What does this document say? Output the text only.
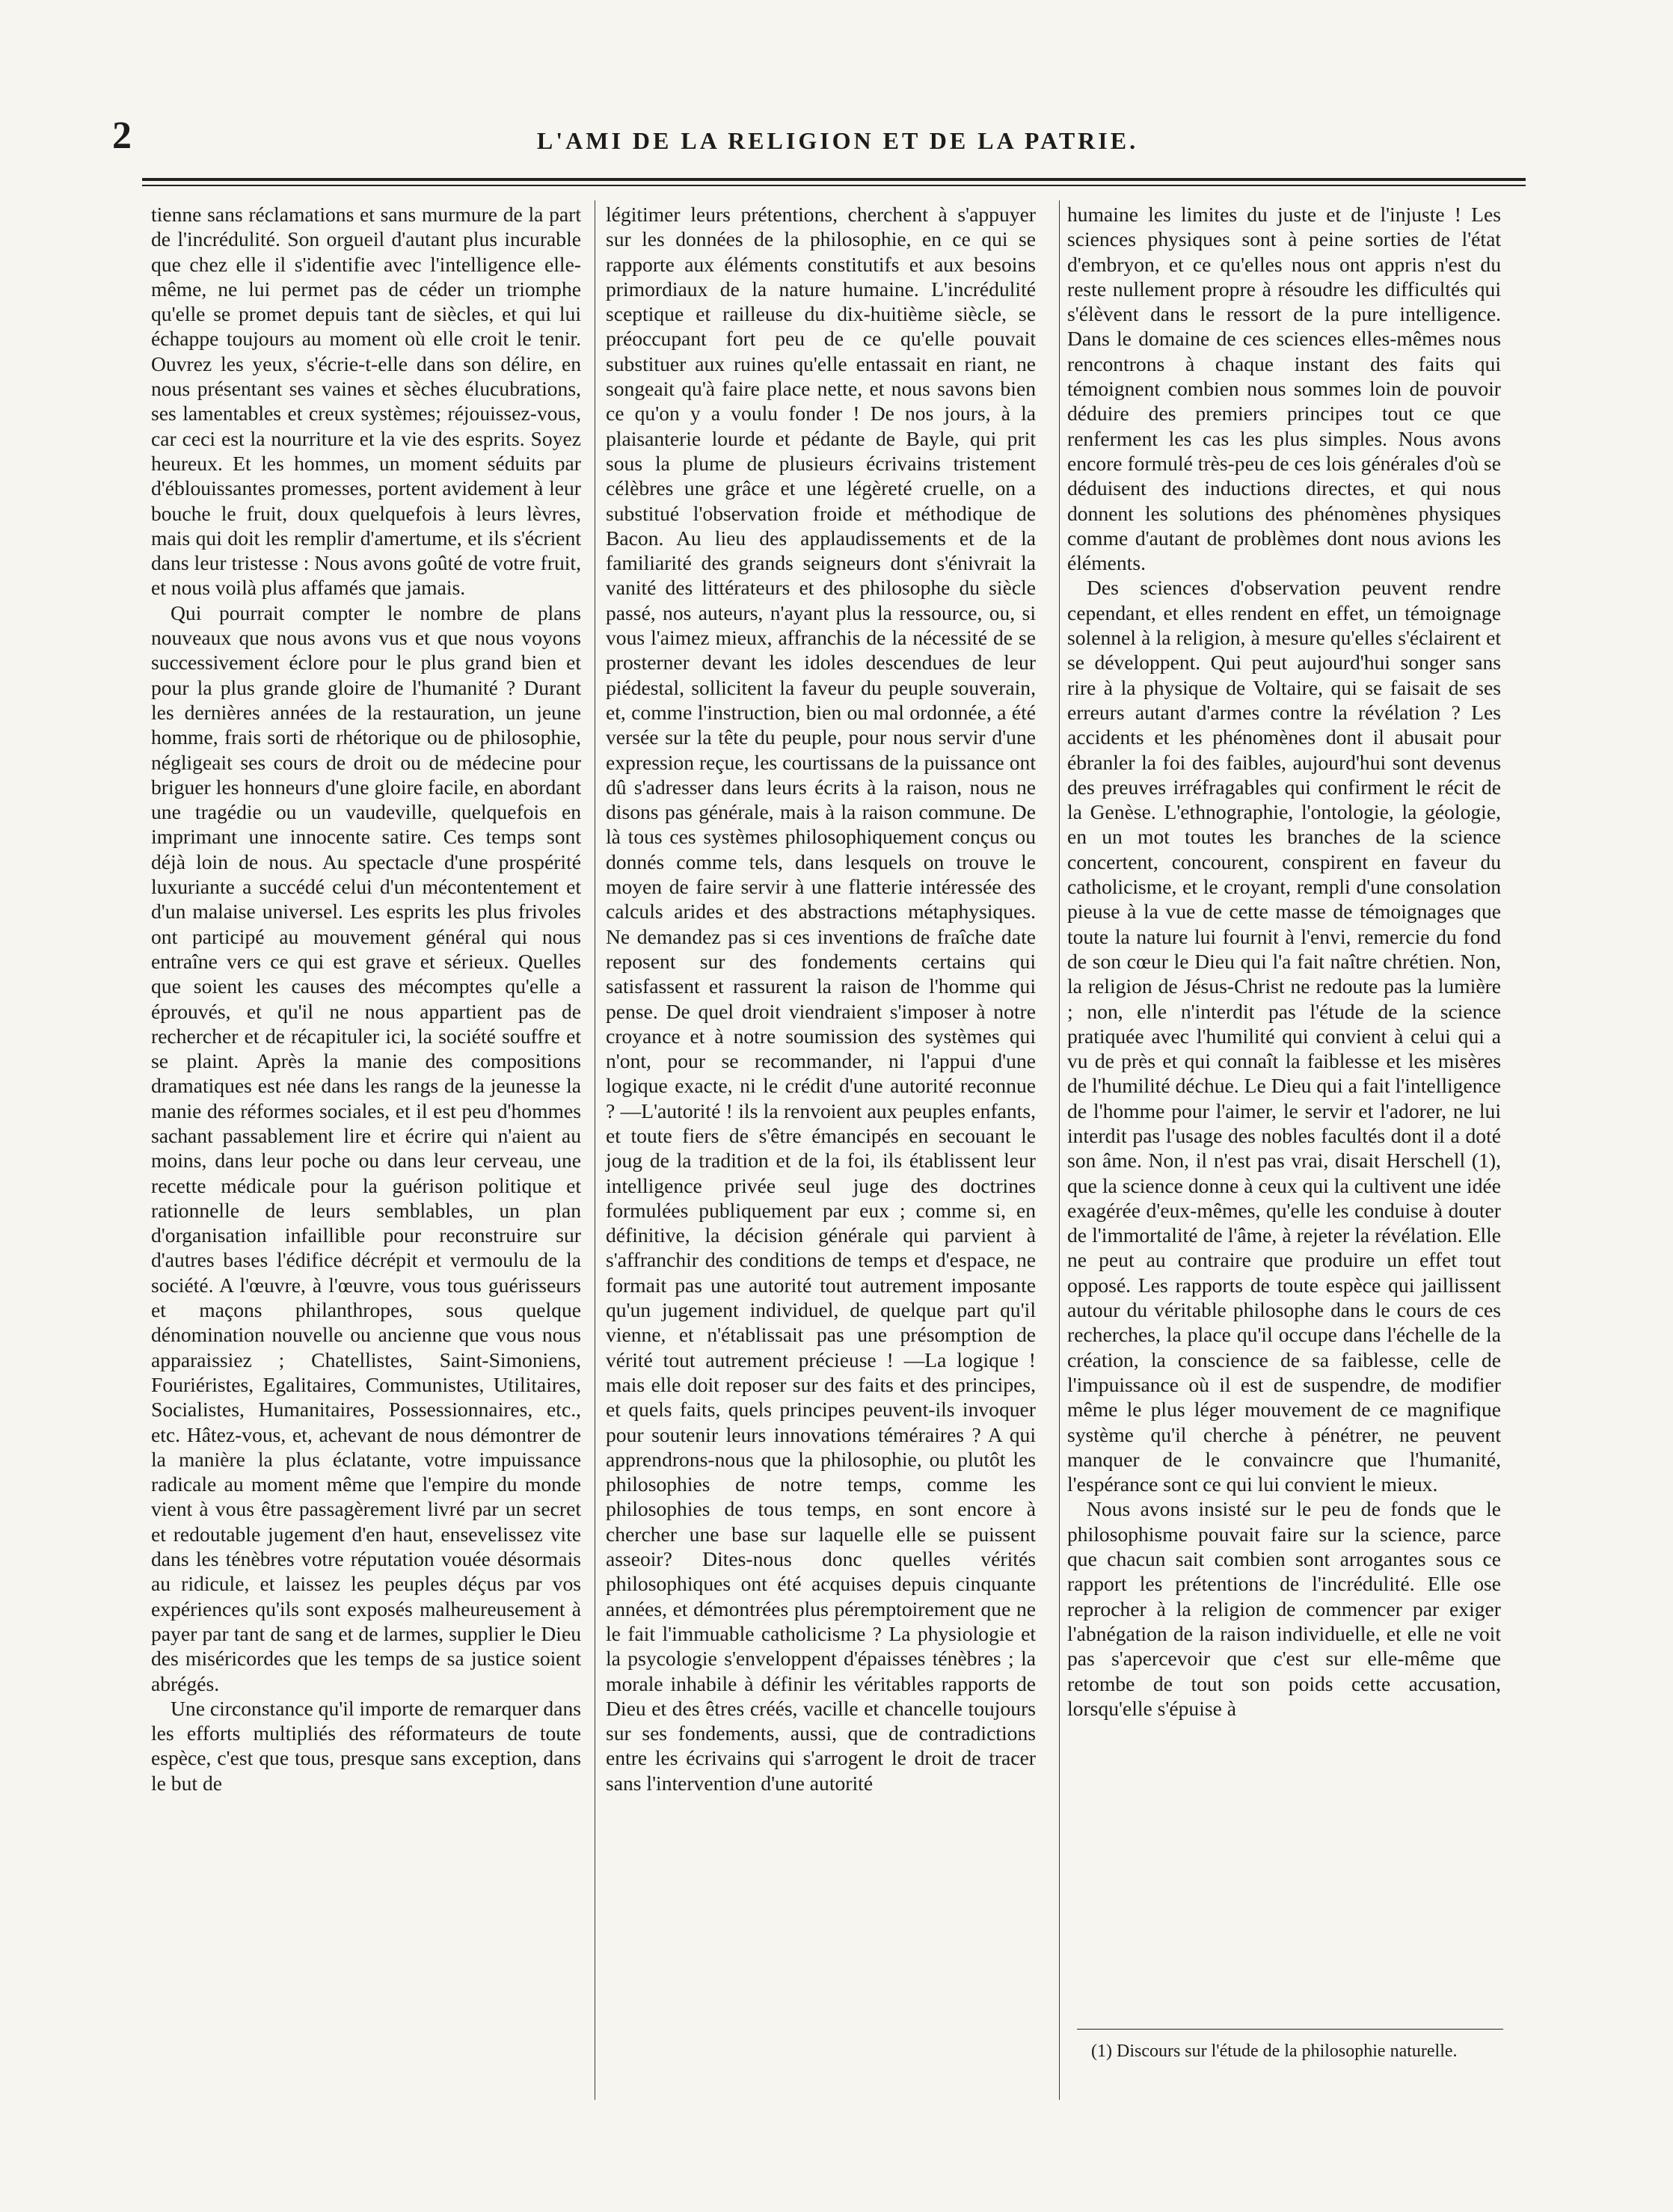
2	L'AMI DE LA RELIGION ET DE LA PATRIE.

tienne sans réclamations et sans murmure de la part de l'incrédulité. Son orgueil d'autant plus incurable que chez elle il s'identifie avec l'intelligence elle-même, ne lui permet pas de céder un triomphe qu'elle se promet depuis tant de siècles, et qui lui échappe toujours au moment où elle croit le tenir. Ouvrez les yeux, s'écrie-t-elle dans son délire, en nous présentant ses vaines et sèches élucubrations, ses lamentables et creux systèmes; réjouissez-vous, car ceci est la nourriture et la vie des esprits. Soyez heureux. Et les hommes, un moment séduits par d'éblouissantes promesses, portent avidement à leur bouche le fruit, doux quelquefois à leurs lèvres, mais qui doit les remplir d'amertume, et ils s'écrient dans leur tristesse : Nous avons goûté de votre fruit, et nous voilà plus affamés que jamais.

Qui pourrait compter le nombre de plans nouveaux que nous avons vus et que nous voyons successivement éclore pour le plus grand bien et pour la plus grande gloire de l'humanité ? Durant les dernières années de la restauration, un jeune homme, frais sorti de rhétorique ou de philosophie, négligeait ses cours de droit ou de médecine pour briguer les honneurs d'une gloire facile, en abordant une tragédie ou un vaudeville, quelquefois en imprimant une innocente satire. Ces temps sont déjà loin de nous. Au spectacle d'une prospérité luxuriante a succédé celui d'un mécontentement et d'un malaise universel. Les esprits les plus frivoles ont participé au mouvement général qui nous entraîne vers ce qui est grave et sérieux. Quelles que soient les causes des mécomptes qu'elle a éprouvés, et qu'il ne nous appartient pas de rechercher et de récapituler ici, la société souffre et se plaint. Après la manie des compositions dramatiques est née dans les rangs de la jeunesse la manie des réformes sociales, et il est peu d'hommes sachant passablement lire et écrire qui n'aient au moins, dans leur poche ou dans leur cerveau, une recette médicale pour la guérison politique et rationnelle de leurs semblables, un plan d'organisation infaillible pour reconstruire sur d'autres bases l'édifice décrépit et vermoulu de la société. A l'œuvre, à l'œuvre, vous tous guérisseurs et maçons philanthropes, sous quelque dénomination nouvelle ou ancienne que vous nous apparaissiez ; Chatellistes, Saint-Simoniens, Fouriéristes, Egalitaires, Communistes, Utilitaires, Socialistes, Humanitaires, Possessionnaires, etc., etc. Hâtez-vous, et, achevant de nous démontrer de la manière la plus éclatante, votre impuissance radicale au moment même que l'empire du monde vient à vous être passagèrement livré par un secret et redoutable jugement d'en haut, ensevelissez vite dans les ténèbres votre réputation vouée désormais au ridicule, et laissez les peuples déçus par vos expériences qu'ils sont exposés malheureusement à payer par tant de sang et de larmes, supplier le Dieu des miséricordes que les temps de sa justice soient abrégés.

Une circonstance qu'il importe de remarquer dans les efforts multipliés des réformateurs de toute espèce, c'est que tous, presque sans exception, dans le but de

légitimer leurs prétentions, cherchent à s'appuyer sur les données de la philosophie, en ce qui se rapporte aux éléments constitutifs et aux besoins primordiaux de la nature humaine. L'incrédulité sceptique et railleuse du dix-huitième siècle, se préoccupant fort peu de ce qu'elle pouvait substituer aux ruines qu'elle entassait en riant, ne songeait qu'à faire place nette, et nous savons bien ce qu'on y a voulu fonder ! De nos jours, à la plaisanterie lourde et pédante de Bayle, qui prit sous la plume de plusieurs écrivains tristement célèbres une grâce et une légèreté cruelle, on a substitué l'observation froide et méthodique de Bacon. Au lieu des applaudissements et de la familiarité des grands seigneurs dont s'énivrait la vanité des littérateurs et des philosophe du siècle passé, nos auteurs, n'ayant plus la ressource, ou, si vous l'aimez mieux, affranchis de la nécessité de se prosterner devant les idoles descendues de leur piédestal, sollicitent la faveur du peuple souverain, et, comme l'instruction, bien ou mal ordonnée, a été versée sur la tête du peuple, pour nous servir d'une expression reçue, les courtissans de la puissance ont dû s'adresser dans leurs écrits à la raison, nous ne disons pas générale, mais à la raison commune. De là tous ces systèmes philosophiquement conçus ou donnés comme tels, dans lesquels on trouve le moyen de faire servir à une flatterie intéressée des calculs arides et des abstractions métaphysiques. Ne demandez pas si ces inventions de fraîche date reposent sur des fondements certains qui satisfassent et rassurent la raison de l'homme qui pense. De quel droit viendraient s'imposer à notre croyance et à notre soumission des systèmes qui n'ont, pour se recommander, ni l'appui d'une logique exacte, ni le crédit d'une autorité reconnue ? —L'autorité ! ils la renvoient aux peuples enfants, et toute fiers de s'être émancipés en secouant le joug de la tradition et de la foi, ils établissent leur intelligence privée seul juge des doctrines formulées publiquement par eux ; comme si, en définitive, la décision générale qui parvient à s'affranchir des conditions de temps et d'espace, ne formait pas une autorité tout autrement imposante qu'un jugement individuel, de quelque part qu'il vienne, et n'établissait pas une présomption de vérité tout autrement précieuse ! —La logique ! mais elle doit reposer sur des faits et des principes, et quels faits, quels principes peuvent-ils invoquer pour soutenir leurs innovations téméraires ? A qui apprendrons-nous que la philosophie, ou plutôt les philosophies de notre temps, comme les philosophies de tous temps, en sont encore à chercher une base sur laquelle elle se puissent asseoir? Dites-nous donc quelles vérités philosophiques ont été acquises depuis cinquante années, et démontrées plus péremptoirement que ne le fait l'immuable catholicisme ? La physiologie et la psycologie s'enveloppent d'épaisses ténèbres ; la morale inhabile à définir les véritables rapports de Dieu et des êtres créés, vacille et chancelle toujours sur ses fondements, aussi, que de contradictions entre les écrivains qui s'arrogent le droit de tracer sans l'intervention d'une autorité

humaine les limites du juste et de l'injuste ! Les sciences physiques sont à peine sorties de l'état d'embryon, et ce qu'elles nous ont appris n'est du reste nullement propre à résoudre les difficultés qui s'élèvent dans le ressort de la pure intelligence. Dans le domaine de ces sciences elles-mêmes nous rencontrons à chaque instant des faits qui témoignent combien nous sommes loin de pouvoir déduire des premiers principes tout ce que renferment les cas les plus simples. Nous avons encore formulé très-peu de ces lois générales d'où se déduisent des inductions directes, et qui nous donnent les solutions des phénomènes physiques comme d'autant de problèmes dont nous avions les éléments.

Des sciences d'observation peuvent rendre cependant, et elles rendent en effet, un témoignage solennel à la religion, à mesure qu'elles s'éclairent et se développent. Qui peut aujourd'hui songer sans rire à la physique de Voltaire, qui se faisait de ses erreurs autant d'armes contre la révélation ? Les accidents et les phénomènes dont il abusait pour ébranler la foi des faibles, aujourd'hui sont devenus des preuves irréfragables qui confirment le récit de la Genèse. L'ethnographie, l'ontologie, la géologie, en un mot toutes les branches de la science concertent, concourent, conspirent en faveur du catholicisme, et le croyant, rempli d'une consolation pieuse à la vue de cette masse de témoignages que toute la nature lui fournit à l'envi, remercie du fond de son cœur le Dieu qui l'a fait naître chrétien. Non, la religion de Jésus-Christ ne redoute pas la lumière ; non, elle n'interdit pas l'étude de la science pratiquée avec l'humilité qui convient à celui qui a vu de près et qui connaît la faiblesse et les misères de l'humilité déchue. Le Dieu qui a fait l'intelligence de l'homme pour l'aimer, le servir et l'adorer, ne lui interdit pas l'usage des nobles facultés dont il a doté son âme. Non, il n'est pas vrai, disait Herschell (1), que la science donne à ceux qui la cultivent une idée exagérée d'eux-mêmes, qu'elle les conduise à douter de l'immortalité de l'âme, à rejeter la révélation. Elle ne peut au contraire que produire un effet tout opposé. Les rapports de toute espèce qui jaillissent autour du véritable philosophe dans le cours de ces recherches, la place qu'il occupe dans l'échelle de la création, la conscience de sa faiblesse, celle de l'impuissance où il est de suspendre, de modifier même le plus léger mouvement de ce magnifique système qu'il cherche à pénétrer, ne peuvent manquer de le convaincre que l'humanité, l'espérance sont ce qui lui convient le mieux.

Nous avons insisté sur le peu de fonds que le philosophisme pouvait faire sur la science, parce que chacun sait combien sont arrogantes sous ce rapport les prétentions de l'incrédulité. Elle ose reprocher à la religion de commencer par exiger l'abnégation de la raison individuelle, et elle ne voit pas s'apercevoir que c'est sur elle-même que retombe de tout son poids cette accusation, lorsqu'elle s'épuise à

(1) Discours sur l'étude de la philosophie naturelle.
